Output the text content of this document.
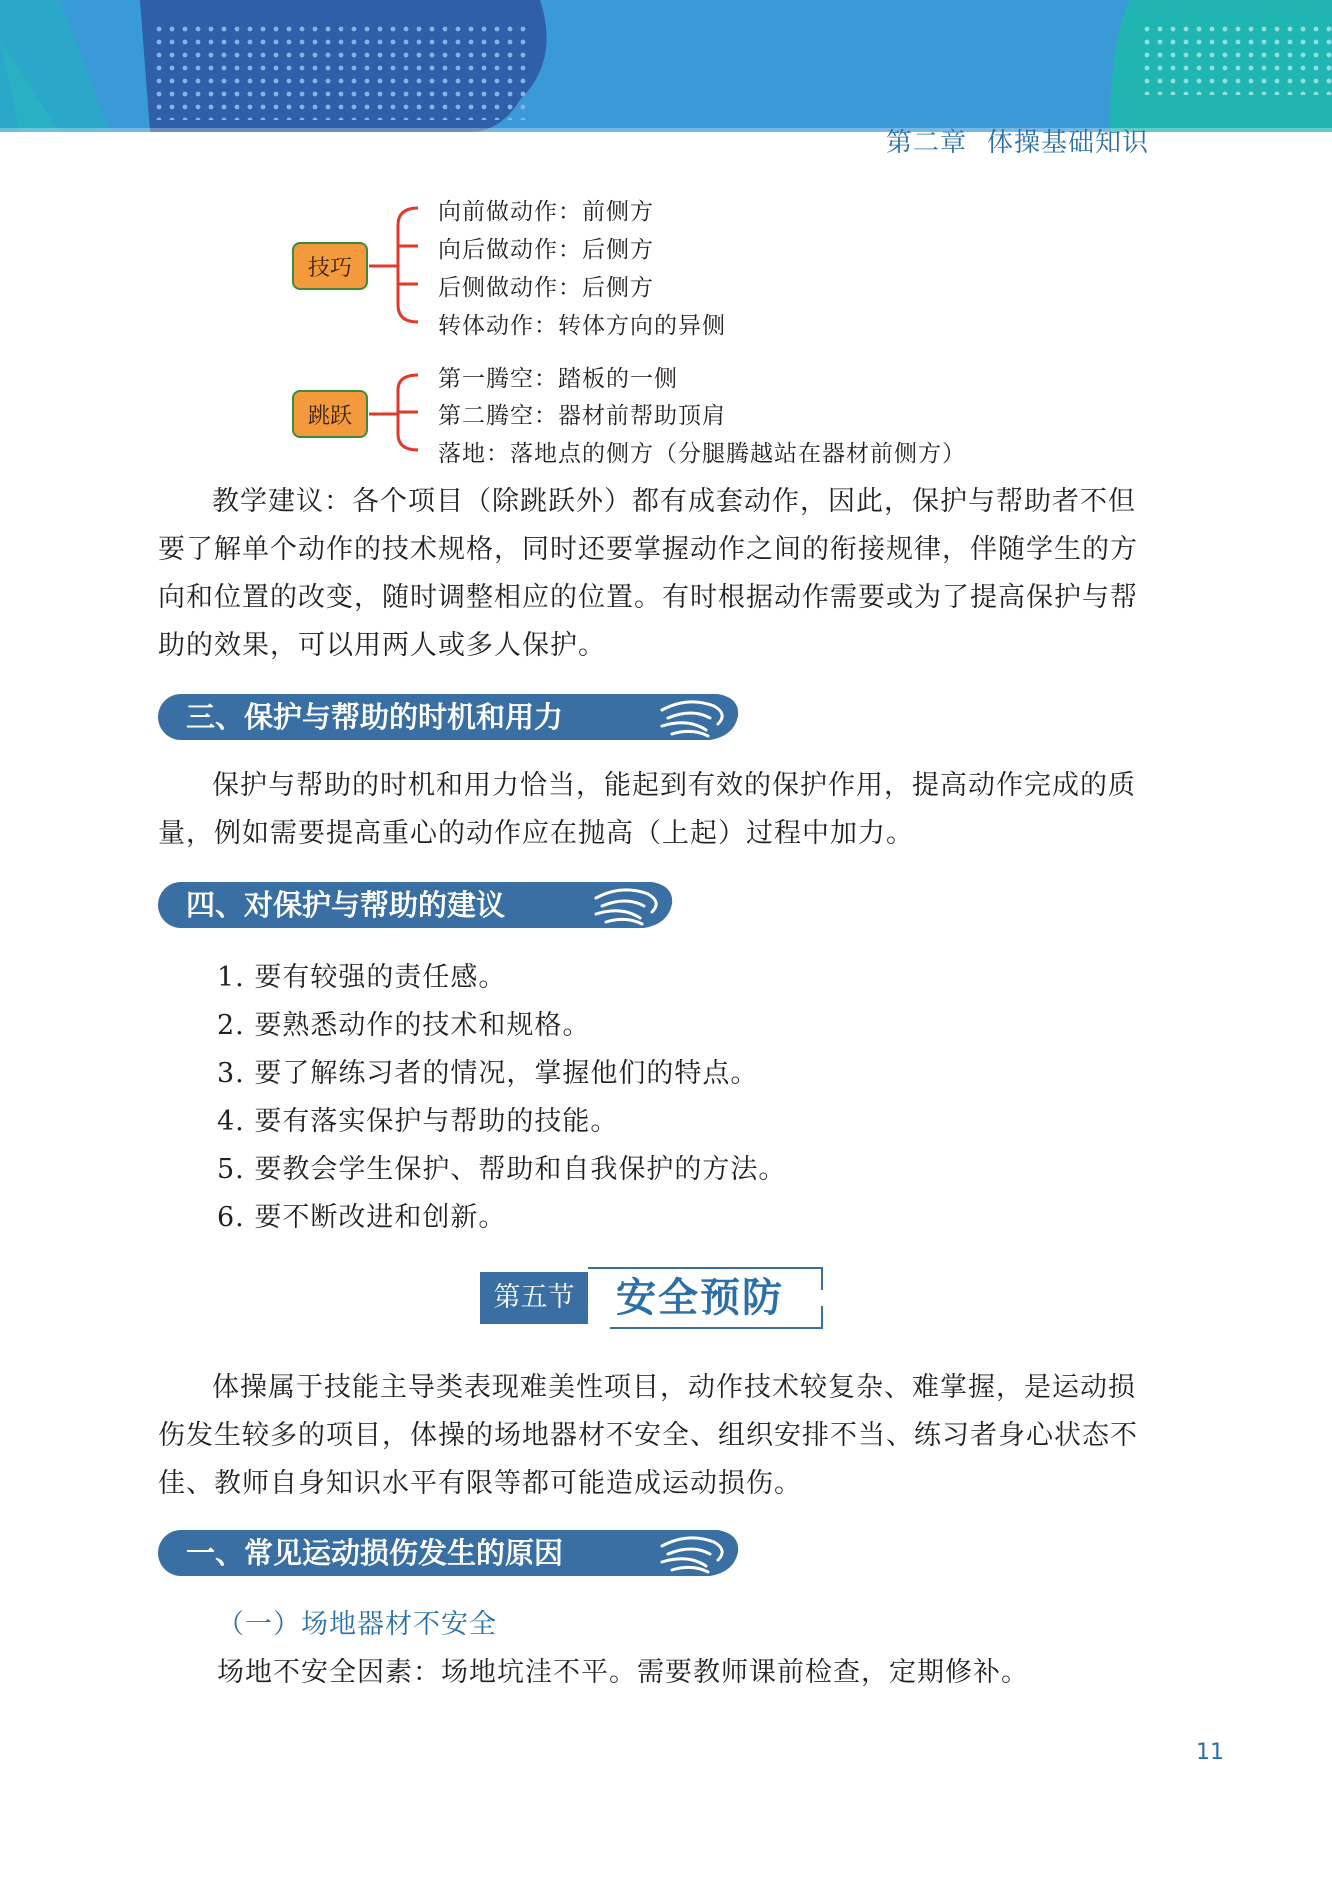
第二章 体操基础知识
技巧
向前做动作：前侧方
向后做动作：后侧方
后侧做动作：后侧方
转体动作：转体方向的异侧
跳跃
第一腾空：踏板的一侧
第二腾空：器材前帮助顶肩
落地：落地点的侧方（分腿腾越站在器材前侧方）

教学建议：各个项目（除跳跃外）都有成套动作，因此，保护与帮助者不但要了解单个动作的技术规格，同时还要掌握动作之间的衔接规律，伴随学生的方向和位置的改变，随时调整相应的位置。有时根据动作需要或为了提高保护与帮助的效果，可以用两人或多人保护。

三、保护与帮助的时机和用力

保护与帮助的时机和用力恰当，能起到有效的保护作用，提高动作完成的质量，例如需要提高重心的动作应在抛高（上起）过程中加力。

四、对保护与帮助的建议
1. 要有较强的责任感。
2. 要熟悉动作的技术和规格。
3. 要了解练习者的情况，掌握他们的特点。
4. 要有落实保护与帮助的技能。
5. 要教会学生保护、帮助和自我保护的方法。
6. 要不断改进和创新。
第五节	安全预防

体操属于技能主导类表现难美性项目，动作技术较复杂、难掌握，是运动损伤发生较多的项目，体操的场地器材不安全、组织安排不当、练习者身心状态不佳、教师自身知识水平有限等都可能造成运动损伤。

一、常见运动损伤发生的原因
（一）场地器材不安全
场地不安全因素：场地坑洼不平。需要教师课前检查，定期修补。
11
